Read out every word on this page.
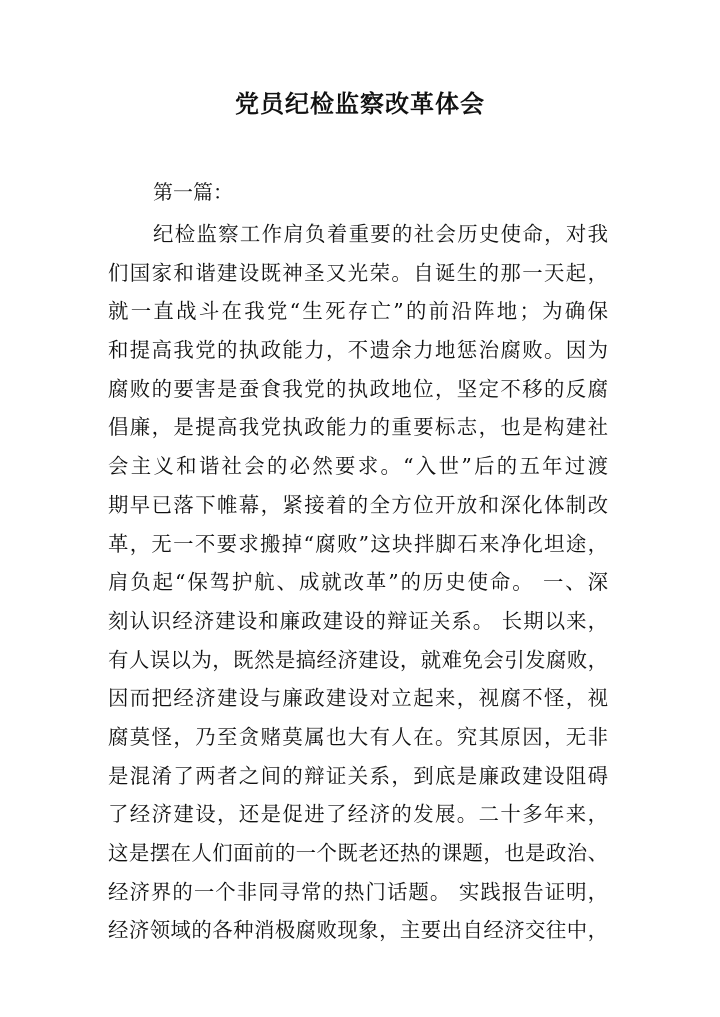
党员纪检监察改革体会

第一篇：

纪检监察工作肩负着重要的社会历史使命，对我
们国家和谐建设既神圣又光荣。自诞生的那一天起，
就一直战斗在我党“生死存亡”的前沿阵地；为确保
和提高我党的执政能力，不遗余力地惩治腐败。因为
腐败的要害是蚕食我党的执政地位，坚定不移的反腐
倡廉，是提高我党执政能力的重要标志，也是构建社
会主义和谐社会的必然要求。“入世”后的五年过渡
期早已落下帷幕，紧接着的全方位开放和深化体制改
革，无一不要求搬掉“腐败”这块拌脚石来净化坦途，
肩负起“保驾护航、成就改革”的历史使命。 一、深
刻认识经济建设和廉政建设的辩证关系。 长期以来，
有人误以为，既然是搞经济建设，就难免会引发腐败，
因而把经济建设与廉政建设对立起来，视腐不怪，视
腐莫怪，乃至贪赌莫属也大有人在。究其原因，无非
是混淆了两者之间的辩证关系，到底是廉政建设阻碍
了经济建设，还是促进了经济的发展。二十多年来，
这是摆在人们面前的一个既老还热的课题，也是政治、
经济界的一个非同寻常的热门话题。 实践报告证明，
经济领域的各种消极腐败现象，主要出自经济交往中，
